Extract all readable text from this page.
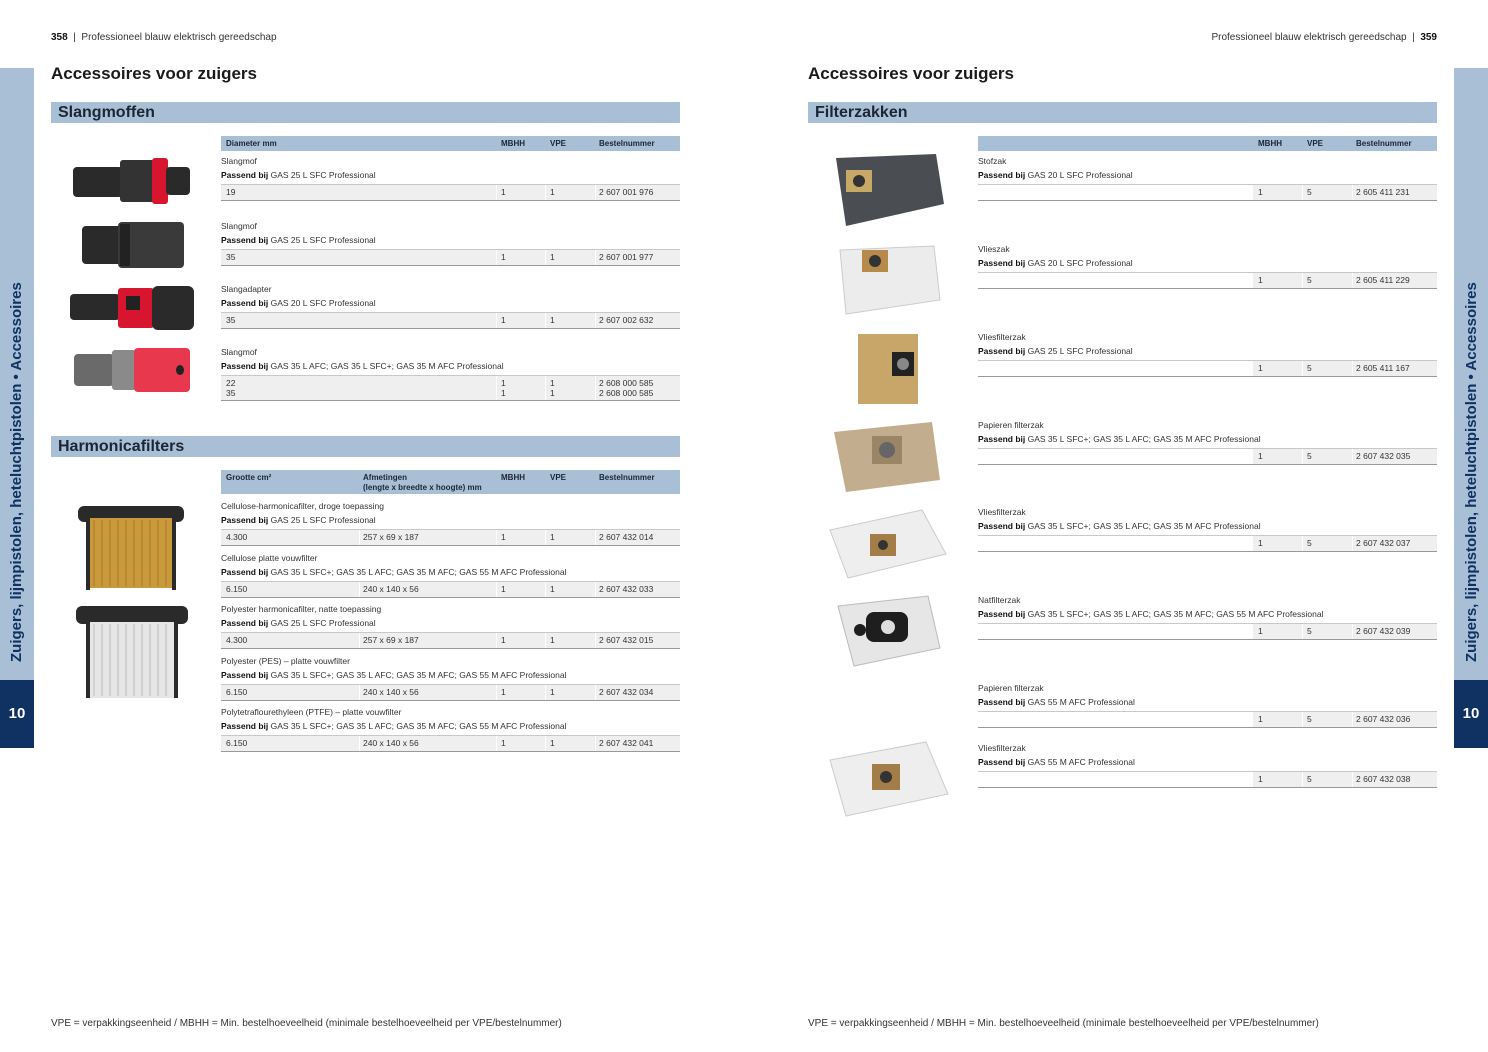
358  |  Professioneel blauw elektrisch gereedschap
Zuigers, lijmpistolen, heteluchtpistolen • Accessoires
10
Accessoires voor zuigers
Slangmoffen
Diameter mm	MBHH	VPE	Bestelnummer
Slangmof
Passend bij GAS 25 L SFC Professional
19	1	1	2 607 001 976
Slangmof
Passend bij GAS 25 L SFC Professional
35	1	1	2 607 001 977
Slangadapter
Passend bij GAS 20 L SFC Professional
35	1	1	2 607 002 632
Slangmof
Passend bij GAS 35 L AFC; GAS 35 L SFC+; GAS 35 M AFC Professional
22	1	1	2 608 000 585
35	1	1	2 608 000 585
Harmonicafilters
Grootte cm²	Afmetingen
(lengte x breedte x hoogte) mm
MBHH	VPE	Bestelnummer
Cellulose-harmonicafilter, droge toepassing
Passend bij GAS 25 L SFC Professional
4.300	257 x 69 x 187	1	1	2 607 432 014
Cellulose platte vouwfilter
Passend bij GAS 35 L SFC+; GAS 35 L AFC; GAS 35 M AFC; GAS 55 M AFC Professional
6.150	240 x 140 x 56	1	1	2 607 432 033
Polyester harmonicafilter, natte toepassing
Passend bij GAS 25 L SFC Professional
4.300	257 x 69 x 187	1	1	2 607 432 015
Polyester (PES) – platte vouwfilter
Passend bij GAS 35 L SFC+; GAS 35 L AFC; GAS 35 M AFC; GAS 55 M AFC Professional
6.150	240 x 140 x 56	1	1	2 607 432 034
Polytetraflourethyleen (PTFE) – platte vouwfilter
Passend bij GAS 35 L SFC+; GAS 35 L AFC; GAS 35 M AFC; GAS 55 M AFC Professional
6.150	240 x 140 x 56	1	1	2 607 432 041
VPE = verpakkingseenheid / MBHH = Min. bestelhoeveelheid (minimale bestelhoeveelheid per VPE/bestelnummer)
Professioneel blauw elektrisch gereedschap  |  359
Zuigers, lijmpistolen, heteluchtpistolen • Accessoires
10
Accessoires voor zuigers
Filterzakken
MBHH	VPE	Bestelnummer
Stofzak
Passend bij GAS 20 L SFC Professional
1	5	2 605 411 231
Vlieszak
Passend bij GAS 20 L SFC Professional
1	5	2 605 411 229
Vliesfilterzak
Passend bij GAS 25 L SFC Professional
1	5	2 605 411 167
Papieren filterzak
Passend bij GAS 35 L SFC+; GAS 35 L AFC; GAS 35 M AFC Professional
1	5	2 607 432 035
Vliesfilterzak
Passend bij GAS 35 L SFC+; GAS 35 L AFC; GAS 35 M AFC Professional
1	5	2 607 432 037
Natfilterzak
Passend bij GAS 35 L SFC+; GAS 35 L AFC; GAS 35 M AFC; GAS 55 M AFC Professional
1	5	2 607 432 039
Papieren filterzak
Passend bij GAS 55 M AFC Professional
1	5	2 607 432 036
Vliesfilterzak
Passend bij GAS 55 M AFC Professional
1	5	2 607 432 038
VPE = verpakkingseenheid / MBHH = Min. bestelhoeveelheid (minimale bestelhoeveelheid per VPE/bestelnummer)
